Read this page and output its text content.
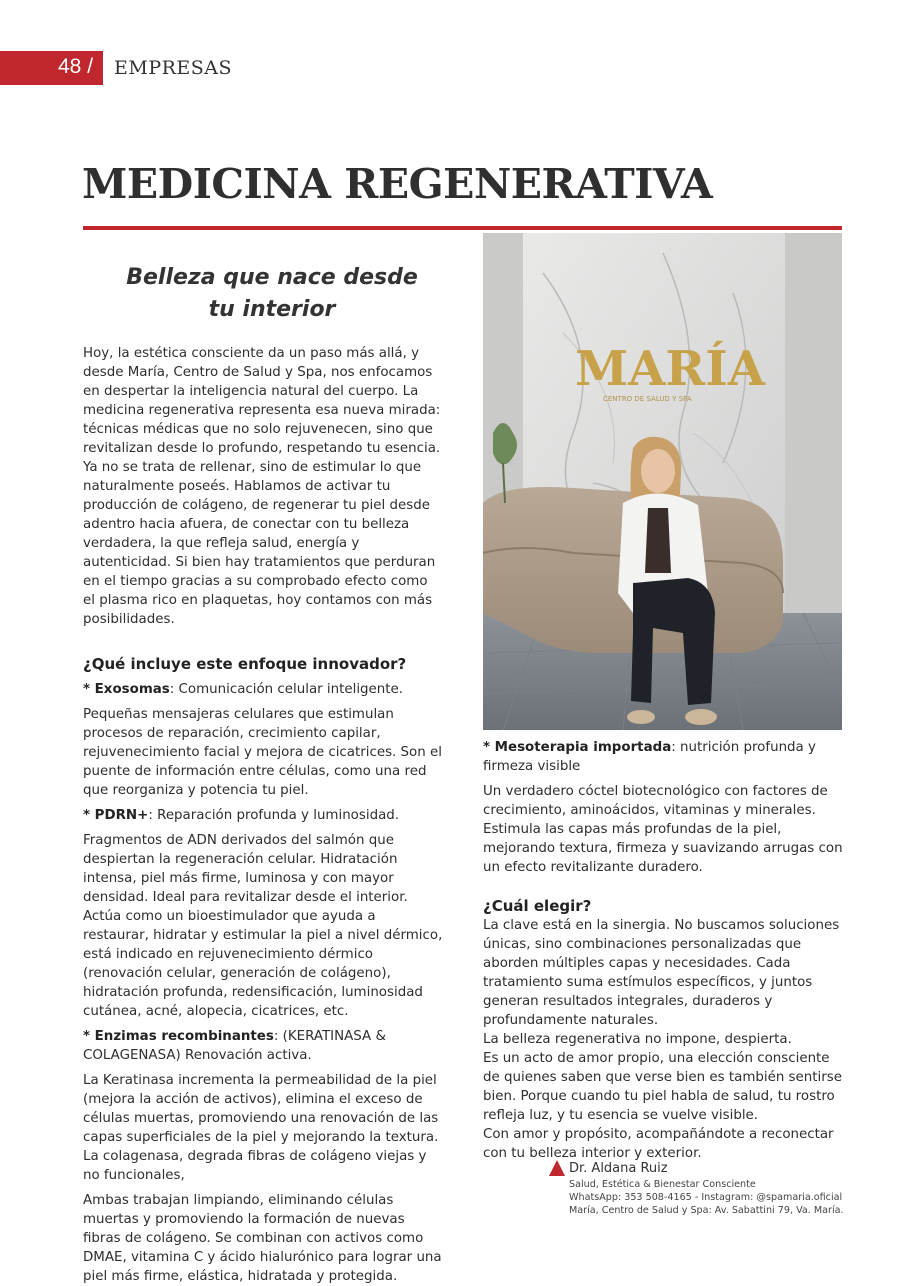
48 / EMPRESAS
MEDICINA REGENERATIVA
Belleza que nace desde
tu interior
MARÍA
CENTRO DE SALUD Y SPA

Hoy, la estética consciente da un paso más allá, y desde María, Centro de Salud y Spa, nos enfocamos en despertar la inteligencia natural del cuerpo. La medicina regenerativa representa esa nueva mirada: técnicas médicas que no solo rejuvenecen, sino que revitalizan desde lo profundo, respetando tu esencia.

Ya no se trata de rellenar, sino de estimular lo que naturalmente poseés. Hablamos de activar tu producción de colágeno, de regenerar tu piel desde adentro hacia afuera, de conectar con tu belleza verdadera, la que refleja salud, energía y autenticidad. Si bien hay tratamientos que perduran en el tiempo gracias a su comprobado efecto como el plasma rico en plaquetas, hoy contamos con más posibilidades.

¿Qué incluye este enfoque innovador?

* Exosomas: Comunicación celular inteligente.

Pequeñas mensajeras celulares que estimulan procesos de reparación, crecimiento capilar, rejuvenecimiento facial y mejora de cicatrices. Son el puente de información entre células, como una red que reorganiza y potencia tu piel.

* PDRN+: Reparación profunda y luminosidad.

Fragmentos de ADN derivados del salmón que despiertan la regeneración celular. Hidratación intensa, piel más firme, luminosa y con mayor densidad. Ideal para revitalizar desde el interior. Actúa como un bioestimulador que ayuda a restaurar, hidratar y estimular la piel a nivel dérmico, está indicado en rejuvenecimiento dérmico (renovación celular, generación de colágeno), hidratación profunda, redensificación, luminosidad cutánea, acné, alopecia, cicatrices, etc.

* Enzimas recombinantes: (KERATINASA & COLAGENASA) Renovación activa.

La Keratinasa incrementa la permeabilidad de la piel (mejora la acción de activos), elimina el exceso de células muertas, promoviendo una renovación de las capas superficiales de la piel y mejorando la textura. La colagenasa, degrada fibras de colágeno viejas y no funcionales,

Ambas trabajan limpiando, eliminando células muertas y promoviendo la formación de nuevas fibras de colágeno. Se combinan con activos como DMAE, vitamina C y ácido hialurónico para lograr una piel más firme, elástica, hidratada y protegida.

* Mesoterapia importada: nutrición profunda y firmeza visible

Un verdadero cóctel biotecnológico con factores de crecimiento, aminoácidos, vitaminas y minerales. Estimula las capas más profundas de la piel, mejorando textura, firmeza y suavizando arrugas con un efecto revitalizante duradero.

¿Cuál elegir?

La clave está en la sinergia. No buscamos soluciones únicas, sino combinaciones personalizadas que aborden múltiples capas y necesidades. Cada tratamiento suma estímulos específicos, y juntos generan resultados integrales, duraderos y profundamente naturales.

La belleza regenerativa no impone, despierta.

Es un acto de amor propio, una elección consciente de quienes saben que verse bien es también sentirse bien. Porque cuando tu piel habla de salud, tu rostro refleja luz, y tu esencia se vuelve visible.

Con amor y propósito, acompañándote a reconectar con tu belleza interior y exterior.

Dr. Aldana Ruiz
Salud, Estética & Bienestar Consciente
WhatsApp: 353 508-4165 - Instagram: @spamaria.oficial
María, Centro de Salud y Spa: Av. Sabattini 79, Va. María.
